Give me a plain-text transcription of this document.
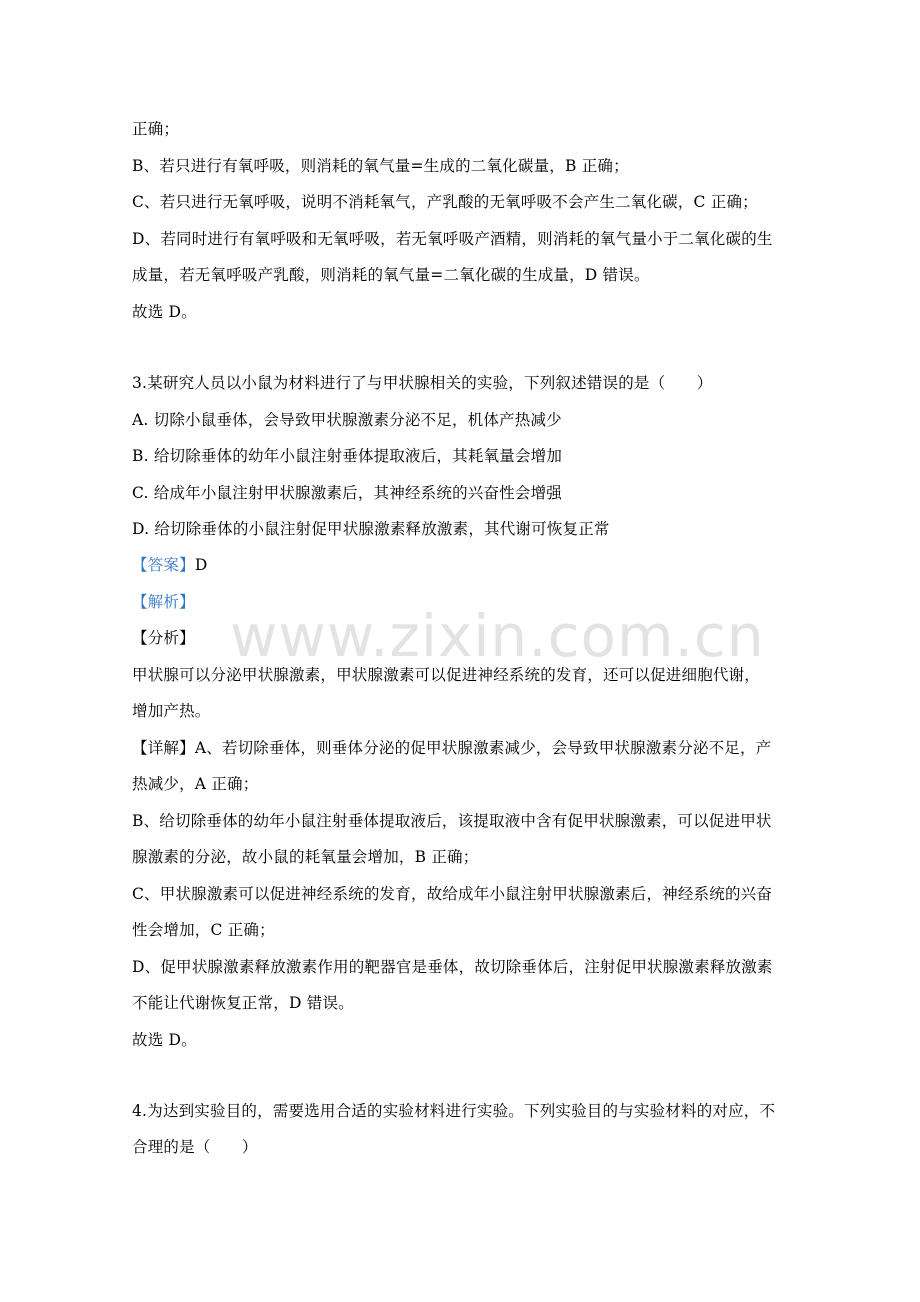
www.zixin.com.cn
正确；
B、若只进行有氧呼吸，则消耗的氧气量=生成的二氧化碳量，B 正确；
C、若只进行无氧呼吸，说明不消耗氧气，产乳酸的无氧呼吸不会产生二氧化碳，C 正确；
D、若同时进行有氧呼吸和无氧呼吸，若无氧呼吸产酒精，则消耗的氧气量小于二氧化碳的生
成量，若无氧呼吸产乳酸，则消耗的氧气量=二氧化碳的生成量，D 错误。
故选 D。
3.某研究人员以小鼠为材料进行了与甲状腺相关的实验，下列叙述错误的是（　　）
A. 切除小鼠垂体，会导致甲状腺激素分泌不足，机体产热减少
B. 给切除垂体的幼年小鼠注射垂体提取液后，其耗氧量会增加
C. 给成年小鼠注射甲状腺激素后，其神经系统的兴奋性会增强
D. 给切除垂体的小鼠注射促甲状腺激素释放激素，其代谢可恢复正常
【答案】D
【解析】
【分析】
甲状腺可以分泌甲状腺激素，甲状腺激素可以促进神经系统的发育，还可以促进细胞代谢，
增加产热。
【详解】A、若切除垂体，则垂体分泌的促甲状腺激素减少，会导致甲状腺激素分泌不足，产
热减少，A 正确；
B、给切除垂体的幼年小鼠注射垂体提取液后，该提取液中含有促甲状腺激素，可以促进甲状
腺激素的分泌，故小鼠的耗氧量会增加，B 正确；
C、甲状腺激素可以促进神经系统的发育，故给成年小鼠注射甲状腺激素后，神经系统的兴奋
性会增加，C 正确；
D、促甲状腺激素释放激素作用的靶器官是垂体，故切除垂体后，注射促甲状腺激素释放激素
不能让代谢恢复正常，D 错误。
故选 D。
4.为达到实验目的，需要选用合适的实验材料进行实验。下列实验目的与实验材料的对应，不
合理的是（　　）
